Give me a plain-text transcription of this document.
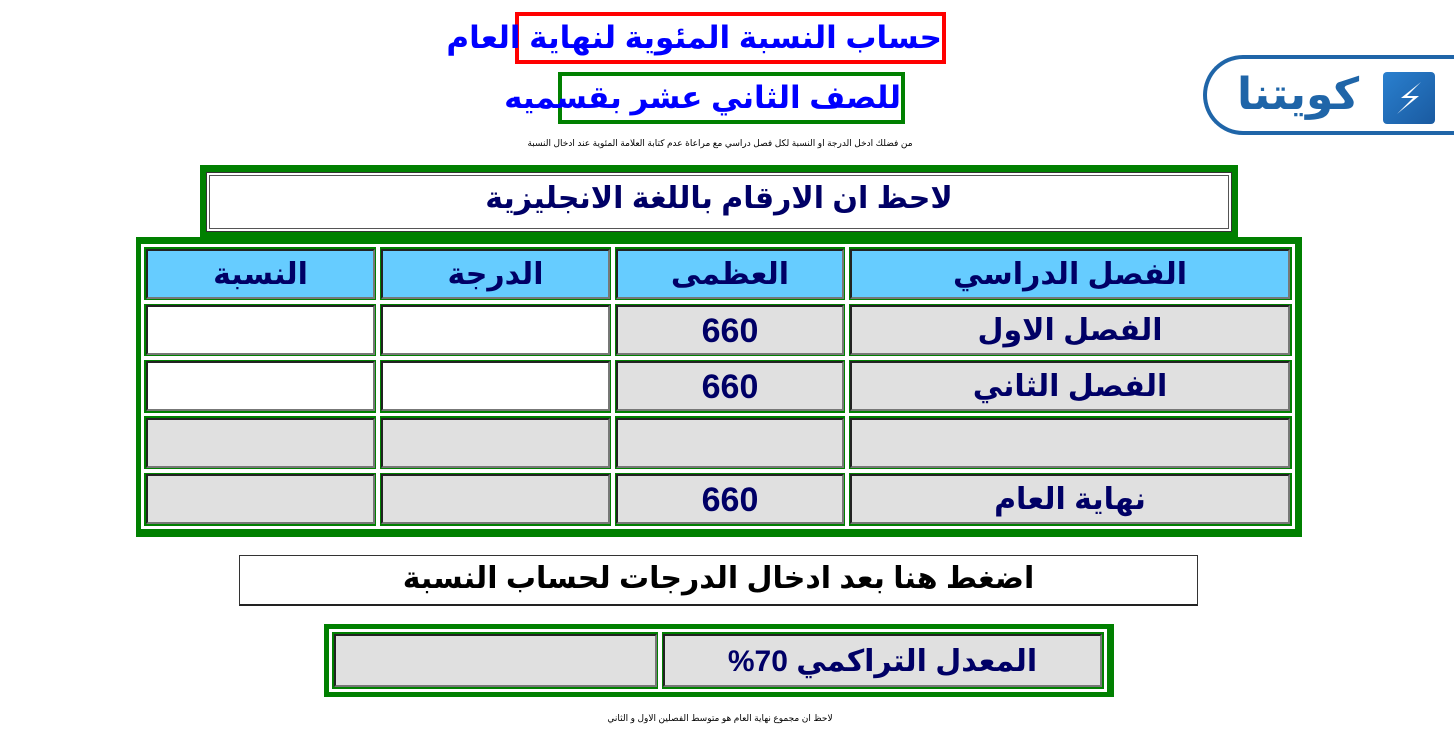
حساب النسبة المئوية لنهاية العام
للصف الثاني عشر بقسميه
من فضلك ادخل الدرجة او النسبة لكل فصل دراسي مع مراعاة عدم كتابة العلامة المئوية عند ادخال النسبة
كويتنا
لاحظ ان الارقام باللغة الانجليزية
الفصل الدراسي
العظمى
الدرجة
النسبة
الفصل الاول
660
الفصل الثاني
660
نهاية العام
660
اضغط هنا بعد ادخال الدرجات لحساب النسبة
المعدل التراكمي 70%
لاحظ ان مجموع نهاية العام هو متوسط الفصلين الاول و الثاني
